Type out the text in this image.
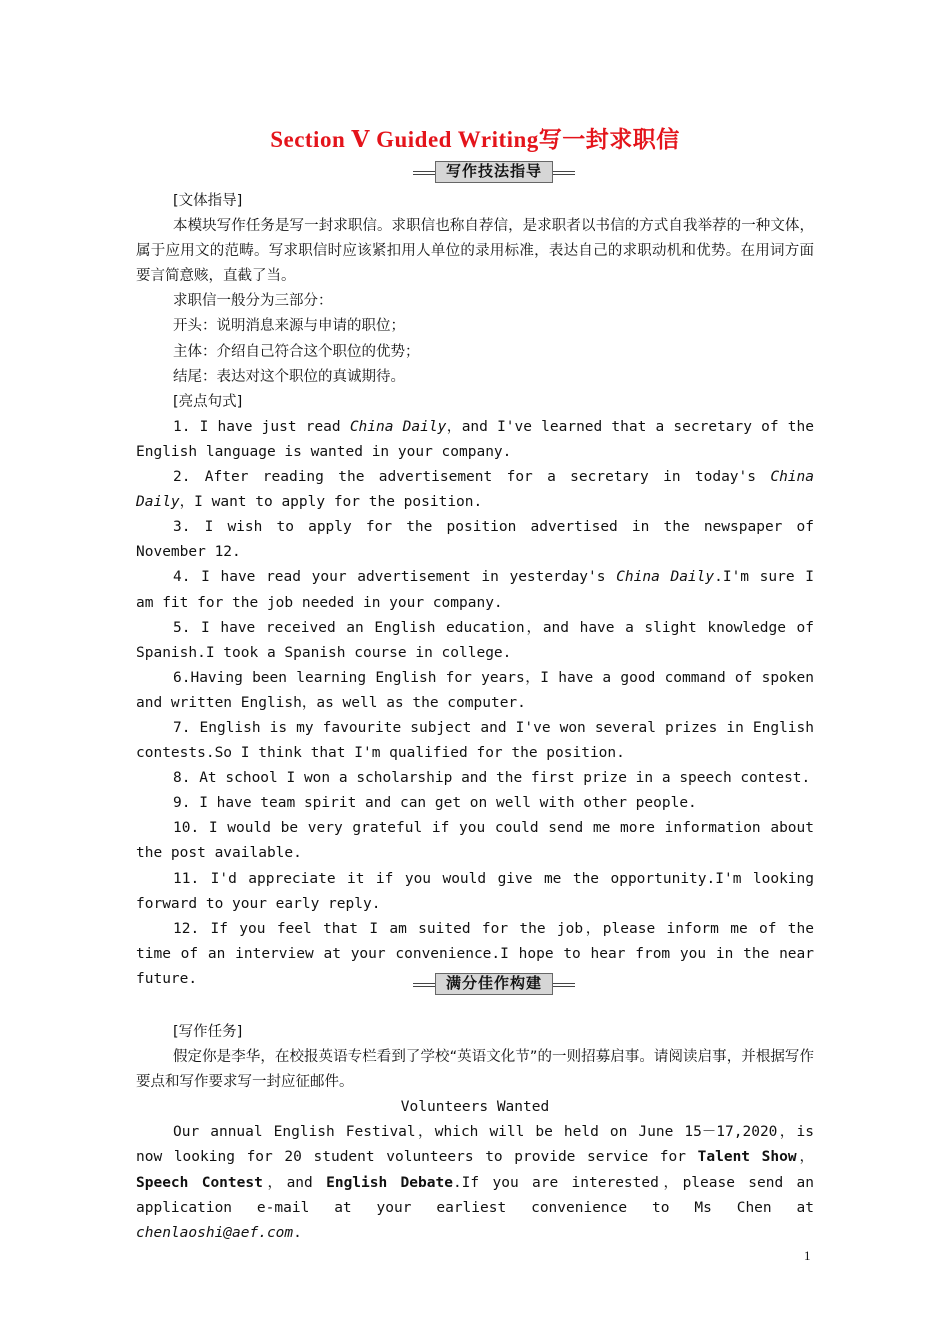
Section Ⅴ Guided Writing写一封求职信
写作技法指导

[文体指导]

本模块写作任务是写一封求职信。求职信也称自荐信，是求职者以书信的方式自我举荐的一种文体，属于应用文的范畴。写求职信时应该紧扣用人单位的录用标准，表达自己的求职动机和优势。在用词方面要言简意赅，直截了当。

求职信一般分为三部分：

开头：说明消息来源与申请的职位；

主体：介绍自己符合这个职位的优势；

结尾：表达对这个职位的真诚期待。

[亮点句式]

1. I have just read China Daily，and I've learned that a secretary of the English language is wanted in your company.

2. After reading the advertisement for a secretary in today's China Daily，I want to apply for the position.

3. I wish to apply for the position advertised in the newspaper of November 12.

4. I have read your advertisement in yesterday's China Daily.I'm sure I am fit for the job needed in your company.

5. I have received an English education，and have a slight knowledge of Spanish.I took a Spanish course in college.

6.Having been learning English for years，I have a good command of spoken and written English，as well as the computer.

7. English is my favourite subject and I've won several prizes in English contests.So I think that I'm qualified for the position.

8. At school I won a scholarship and the first prize in a speech contest.

9. I have team spirit and can get on well with other people.

10. I would be very grateful if you could send me more information about the post available.

11. I'd appreciate it if you would give me the opportunity.I'm looking forward to your early reply.

12. If you feel that I am suited for the job，please inform me of the time of an interview at your convenience.I hope to hear from you in the near future.

[写作任务]

假定你是李华，在校报英语专栏看到了学校“英语文化节”的一则招募启事。请阅读启事，并根据写作要点和写作要求写一封应征邮件。

Volunteers Wanted

Our annual English Festival，which will be held on June 15－17,2020，is now looking for 20 student volunteers to provide service for Talent Show，Speech Contest，and English Debate.If you are interested，please send an application e-mail at your earliest convenience to Ms Chen at chenlaoshi@aef.com.

满分佳作构建
1
